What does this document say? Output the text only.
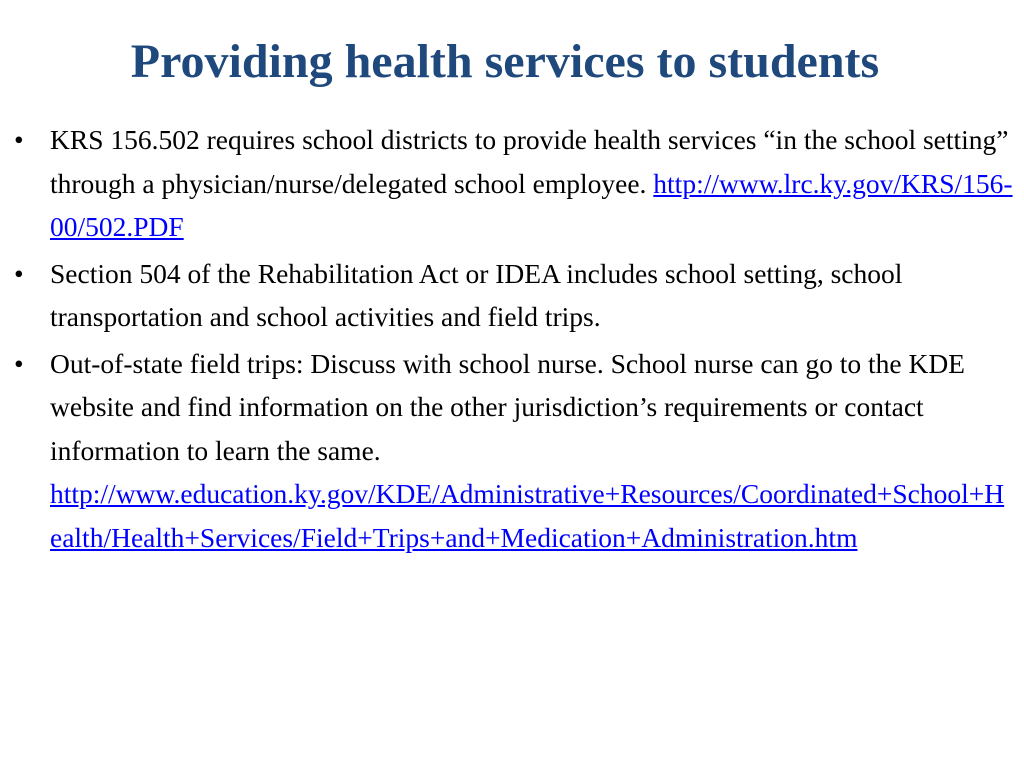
Providing health services to students
• KRS 156.502 requires school districts to provide health services “in the school setting” through a physician/nurse/delegated school employee. http://www.lrc.ky.gov/KRS/156-00/502.PDF
• Section 504 of the Rehabilitation Act or IDEA includes school setting, school transportation and school activities and field trips.
• Out-of-state field trips: Discuss with school nurse. School nurse can go to the KDE website and find information on the other jurisdiction’s requirements or contact information to learn the same.
http://www.education.ky.gov/KDE/Administrative+Resources/Coordinated+School+Health/Health+Services/Field+Trips+and+Medication+Administration.htm
